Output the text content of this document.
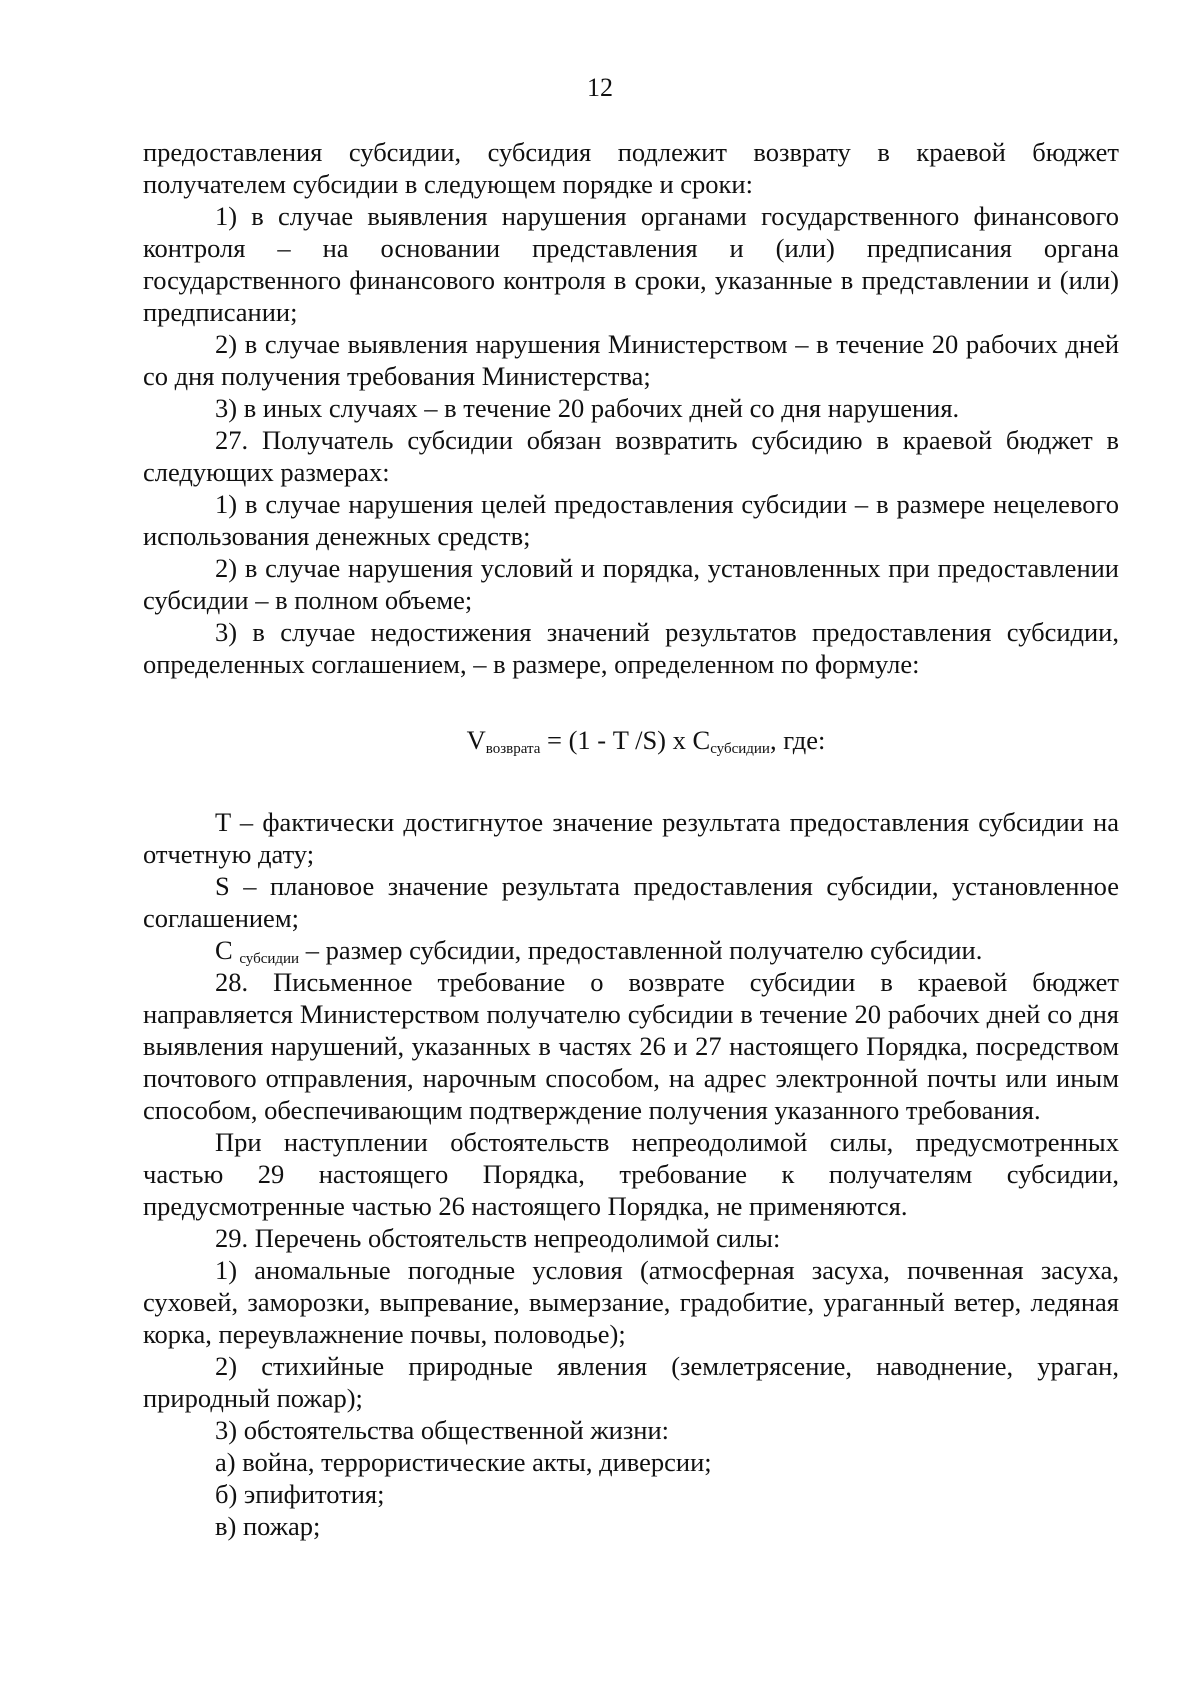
12

предоставления субсидии, субсидия подлежит возврату в краевой бюджет получателем субсидии в следующем порядке и сроки:

1) в случае выявления нарушения органами государственного финансового контроля – на основании представления и (или) предписания органа государственного финансового контроля в сроки, указанные в представлении и (или) предписании;

2) в случае выявления нарушения Министерством – в течение 20 рабочих дней со дня получения требования Министерства;

3) в иных случаях – в течение 20 рабочих дней со дня нарушения.

27. Получатель субсидии обязан возвратить субсидию в краевой бюджет в следующих размерах:

1) в случае нарушения целей предоставления субсидии – в размере нецелевого использования денежных средств;

2) в случае нарушения условий и порядка, установленных при предоставлении субсидии – в полном объеме;

3) в случае недостижения значений результатов предоставления субсидии, определенных соглашением, – в размере, определенном по формуле:

$V_{возврата} = (1 - T$ /S) x $C_{субсидии}$, где:

T – фактически достигнутое значение результата предоставления субсидии на отчетную дату;

S – плановое значение результата предоставления субсидии, установленное соглашением;

C $_{субсидии}$ – размер субсидии, предоставленной получателю субсидии.

28. Письменное требование о возврате субсидии в краевой бюджет направляется Министерством получателю субсидии в течение 20 рабочих дней со дня выявления нарушений, указанных в частях 26 и 27 настоящего Порядка, посредством почтового отправления, нарочным способом, на адрес электронной почты или иным способом, обеспечивающим подтверждение получения указанного требования.

При наступлении обстоятельств непреодолимой силы, предусмотренных частью 29 настоящего Порядка, требование к получателям субсидии, предусмотренные частью 26 настоящего Порядка, не применяются.

29. Перечень обстоятельств непреодолимой силы:

1) аномальные погодные условия (атмосферная засуха, почвенная засуха, суховей, заморозки, выпревание, вымерзание, градобитие, ураганный ветер, ледяная корка, переувлажнение почвы, половодье);

2) стихийные природные явления (землетрясение, наводнение, ураган, природный пожар);

3) обстоятельства общественной жизни:

а) война, террористические акты, диверсии;

б) эпифитотия;

в) пожар;
